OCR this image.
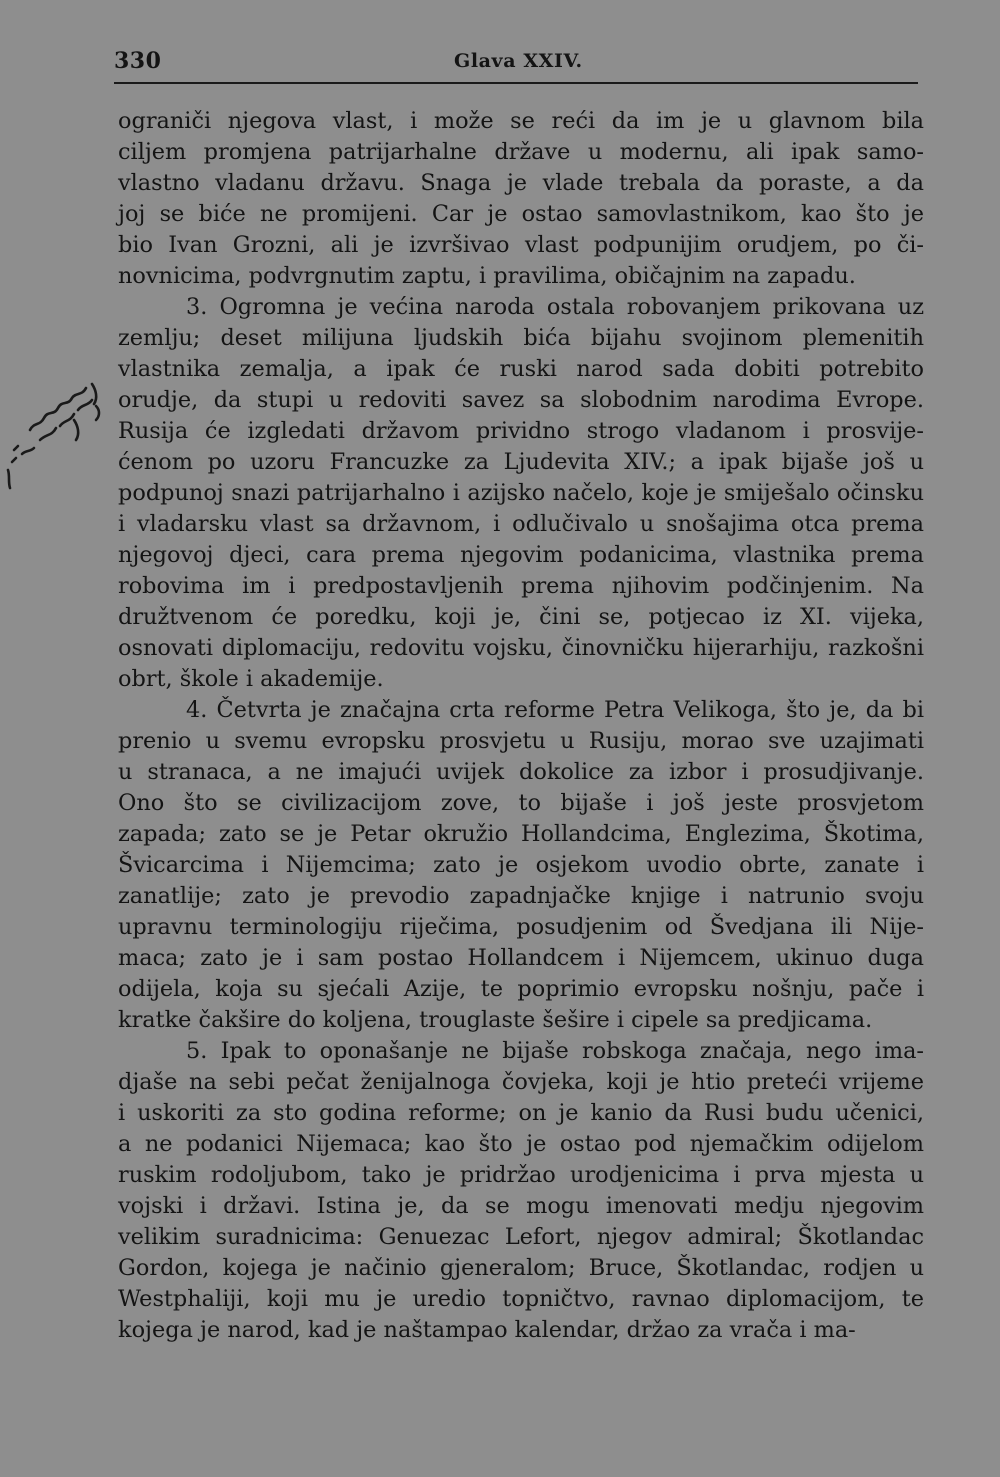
330	Glava XXIV.
ograniči njegova vlast, i može se reći da im je u glavnom bila
ciljem promjena patrijarhalne države u modernu, ali ipak samo-
vlastno vladanu državu. Snaga je vlade trebala da poraste, a da
joj se biće ne promijeni. Car je ostao samovlastnikom, kao što je
bio Ivan Grozni, ali je izvršivao vlast podpunijim orudjem, po či-
novnicima, podvrgnutim zaptu, i pravilima, običajnim na zapadu.
3. Ogromna je većina naroda ostala robovanjem prikovana uz
zemlju; deset milijuna ljudskih bića bijahu svojinom plemenitih
vlastnika zemalja, a ipak će ruski narod sada dobiti potrebito
orudje, da stupi u redoviti savez sa slobodnim narodima Evrope.
Rusija će izgledati državom prividno strogo vladanom i prosvije-
ćenom po uzoru Francuzke za Ljudevita XIV.; a ipak bijaše još u
podpunoj snazi patrijarhalno i azijsko načelo, koje je smiješalo očinsku
i vladarsku vlast sa državnom, i odlučivalo u snošajima otca prema
njegovoj djeci, cara prema njegovim podanicima, vlastnika prema
robovima im i predpostavljenih prema njihovim podčinjenim. Na
družtvenom će poredku, koji je, čini se, potjecao iz XI. vijeka,
osnovati diplomaciju, redovitu vojsku, činovničku hijerarhiju, razkošni
obrt, škole i akademije.
4. Četvrta je značajna crta reforme Petra Velikoga, što je, da bi
prenio u svemu evropsku prosvjetu u Rusiju, morao sve uzajimati
u stranaca, a ne imajući uvijek dokolice za izbor i prosudjivanje.
Ono što se civilizacijom zove, to bijaše i još jeste prosvjetom
zapada; zato se je Petar okružio Hollandcima, Englezima, Škotima,
Švicarcima i Nijemcima; zato je osjekom uvodio obrte, zanate i
zanatlije; zato je prevodio zapadnjačke knjige i natrunio svoju
upravnu terminologiju riječima, posudjenim od Švedjana ili Nije-
maca; zato je i sam postao Hollandcem i Nijemcem, ukinuo duga
odijela, koja su sjećali Azije, te poprimio evropsku nošnju, pače i
kratke čakšire do koljena, trouglaste šešire i cipele sa predjicama.
5. Ipak to oponašanje ne bijaše robskoga značaja, nego ima-
djaše na sebi pečat ženijalnoga čovjeka, koji je htio preteći vrijeme
i uskoriti za sto godina reforme; on je kanio da Rusi budu učenici,
a ne podanici Nijemaca; kao što je ostao pod njemačkim odijelom
ruskim rodoljubom, tako je pridržao urodjenicima i prva mjesta u
vojski i državi. Istina je, da se mogu imenovati medju njegovim
velikim suradnicima: Genuezac Lefort, njegov admiral; Škotlandac
Gordon, kojega je načinio gjeneralom; Bruce, Škotlandac, rodjen u
Westphaliji, koji mu je uredio topničtvo, ravnao diplomacijom, te
kojega je narod, kad je naštampao kalendar, držao za vrača i ma-
